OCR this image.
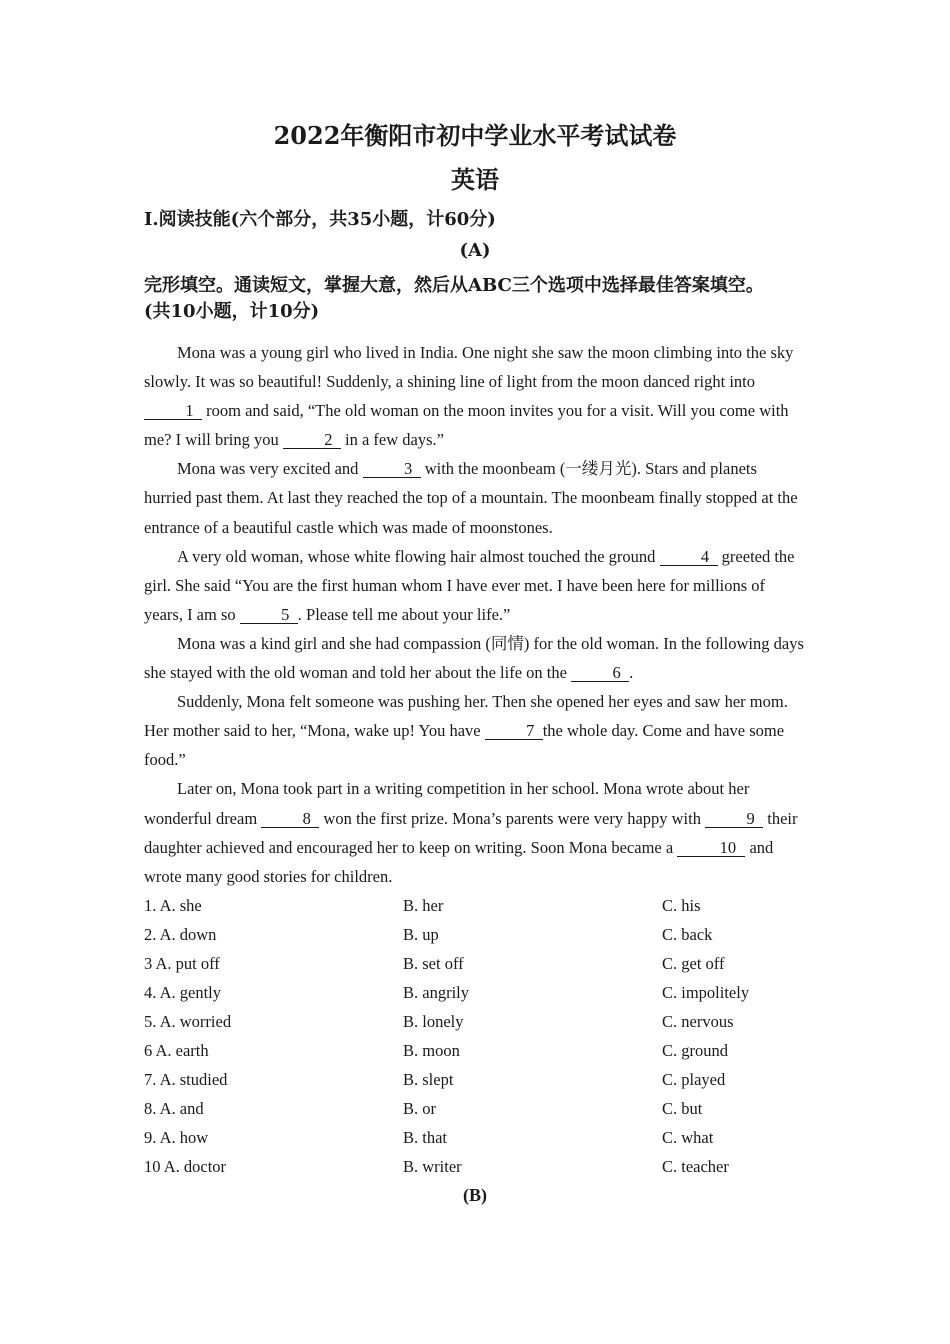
2022年衡阳市初中学业水平考试试卷
英语
I.阅读技能(六个部分，共35小题，计60分)
(A)
完形填空。通读短文，掌握大意，然后从ABC三个选项中选择最佳答案填空。
(共10小题，计10分)

Mona was a young girl who lived in India. One night she saw the moon climbing into the sky slowly. It was so beautiful! Suddenly, a shining line of light from the moon danced right into 1 room and said, “The old woman on the moon invites you for a visit. Will you come with me? I will bring you	2 in a few days.”

Mona was very excited and	3 with the moonbeam (一缕月光). Stars and planets hurried past them. At last they reached the top of a mountain. The moonbeam finally stopped at the entrance of a beautiful castle which was made of moonstones.

A very old woman, whose white flowing hair almost touched the ground	4 greeted the girl. She said “You are the first human whom I have ever met. I have been here for millions of years, I am so	5 . Please tell me about your life.”

Mona was a kind girl and she had compassion (同情) for the old woman. In the following days she stayed with the old woman and told her about the life on the	6 .

Suddenly, Mona felt someone was pushing her. Then she opened her eyes and saw her mom. Her mother said to her, “Mona, wake up! You have	7 the whole day. Come and have some food.”

Later on, Mona took part in a writing competition in her school. Mona wrote about her wonderful dream	8 won the first prize. Mona’s parents were very happy with	9 their daughter achieved and encouraged her to keep on writing. Soon Mona became a	10 and wrote many good stories for children.

1. A. she	B. her	C. his
2. A. down	B. up	C. back
3 A. put off	B. set off	C. get off
4. A. gently	B. angrily	C. impolitely
5. A. worried	B. lonely	C. nervous
6 A. earth	B. moon	C. ground
7. A. studied	B. slept	C. played
8. A. and	B. or	C. but
9. A. how	B. that	C. what
10 A. doctor	B. writer	C. teacher
(B)
